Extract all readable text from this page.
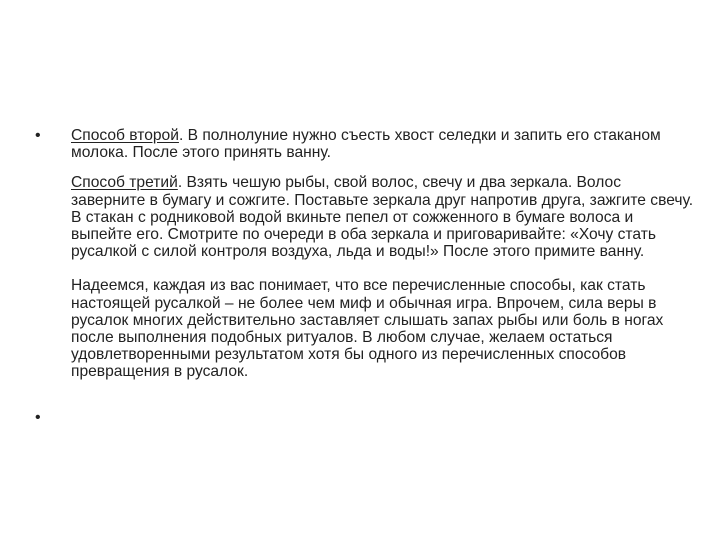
•
•

Способ второй. В полнолуние нужно съесть хвост селедки и запить его стаканом молока. После этого принять ванну.

Способ третий. Взять чешую рыбы, свой волос, свечу и два зеркала. Волос заверните в бумагу и сожгите. Поставьте зеркала друг напротив друга, зажгите свечу. В стакан с родниковой водой вкиньте пепел от сожженного в бумаге волоса и выпейте его. Смотрите по очереди в оба зеркала и приговаривайте: «Хочу стать русалкой с силой контроля воздуха, льда и воды!» После этого примите ванну.

Надеемся, каждая из вас понимает, что все перечисленные способы, как стать настоящей русалкой – не более чем миф и обычная игра. Впрочем, сила веры в русалок многих действительно заставляет слышать запах рыбы или боль в ногах после выполнения подобных ритуалов. В любом случае, желаем остаться удовлетворенными результатом хотя бы одного из перечисленных способов превращения в русалок.
